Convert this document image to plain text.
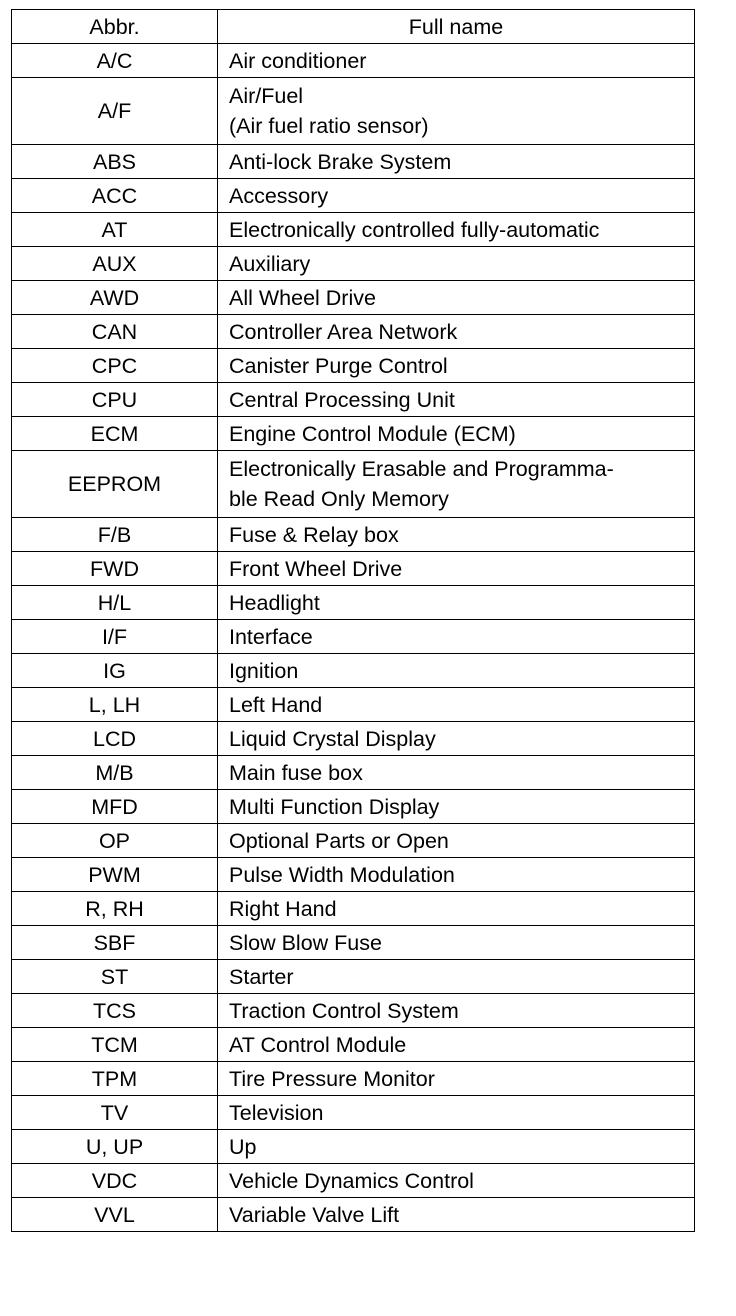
Abbr.	Full name
A/C	Air conditioner
A/F	Air/Fuel
(Air fuel ratio sensor)
ABS	Anti-lock Brake System
ACC	Accessory
AT	Electronically controlled fully-automatic
AUX	Auxiliary
AWD	All Wheel Drive
CAN	Controller Area Network
CPC	Canister Purge Control
CPU	Central Processing Unit
ECM	Engine Control Module (ECM)
EEPROM	Electronically Erasable and Programma-
ble Read Only Memory
F/B	Fuse & Relay box
FWD	Front Wheel Drive
H/L	Headlight
I/F	Interface
IG	Ignition
L, LH	Left Hand
LCD	Liquid Crystal Display
M/B	Main fuse box
MFD	Multi Function Display
OP	Optional Parts or Open
PWM	Pulse Width Modulation
R, RH	Right Hand
SBF	Slow Blow Fuse
ST	Starter
TCS	Traction Control System
TCM	AT Control Module
TPM	Tire Pressure Monitor
TV	Television
U, UP	Up
VDC	Vehicle Dynamics Control
VVL	Variable Valve Lift
